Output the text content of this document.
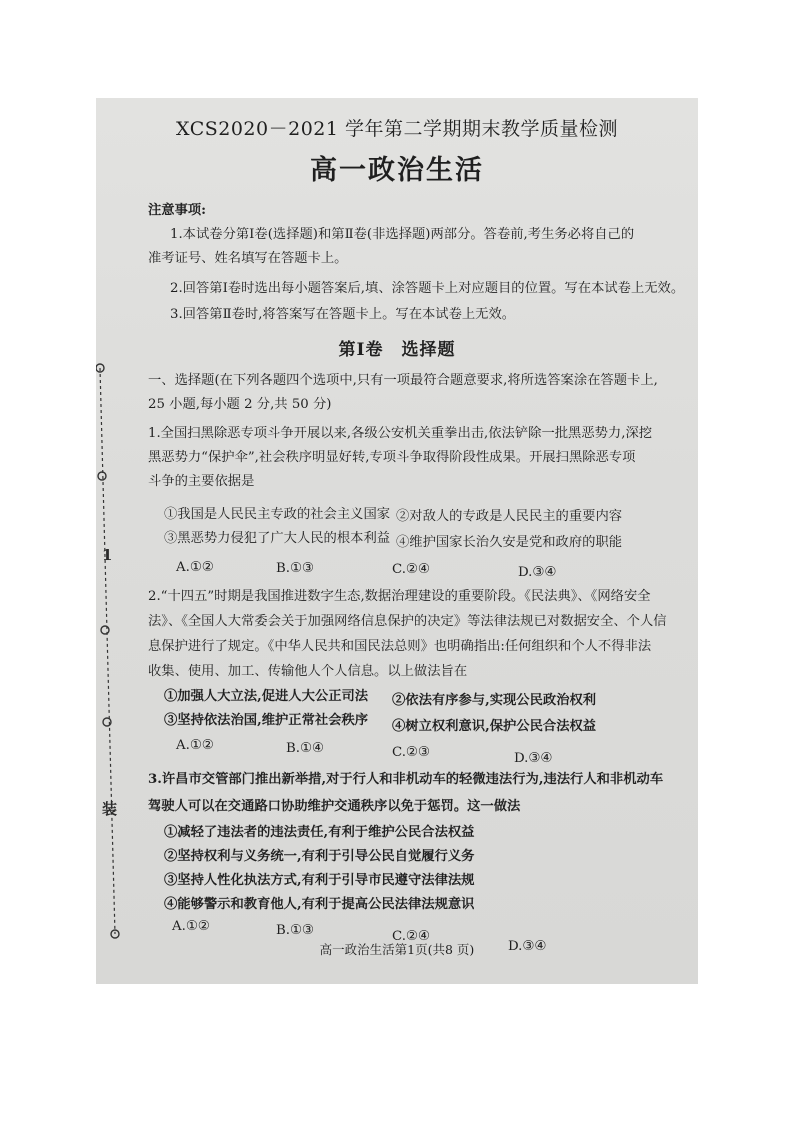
1
装
XCS2020－2021 学年第二学期期末教学质量检测
高一政治生活
注意事项:
1.本试卷分第Ⅰ卷(选择题)和第Ⅱ卷(非选择题)两部分。答卷前,考生务必将自己的
准考证号、姓名填写在答题卡上。
2.回答第Ⅰ卷时选出每小题答案后,填、涂答题卡上对应题目的位置。写在本试卷上无效。
3.回答第Ⅱ卷时,将答案写在答题卡上。写在本试卷上无效。
第Ⅰ卷　选择题
一、选择题(在下列各题四个选项中,只有一项最符合题意要求,将所选答案涂在答题卡上,
25 小题,每小题 2 分,共 50 分)
1.全国扫黑除恶专项斗争开展以来,各级公安机关重拳出击,依法铲除一批黑恶势力,深挖
黑恶势力“保护伞”,社会秩序明显好转,专项斗争取得阶段性成果。开展扫黑除恶专项
斗争的主要依据是
①我国是人民民主专政的社会主义国家 ②对敌人的专政是人民民主的重要内容
③黑恶势力侵犯了广大人民的根本利益 ④维护国家长治久安是党和政府的职能
A.①②	B.①③	C.②④	D.③④
2.“十四五”时期是我国推进数字生态,数据治理建设的重要阶段。《民法典》、《网络安全
法》、《全国人大常委会关于加强网络信息保护的决定》等法律法规已对数据安全、个人信
息保护进行了规定。《中华人民共和国民法总则》也明确指出:任何组织和个人不得非法
收集、使用、加工、传输他人个人信息。以上做法旨在
①加强人大立法,促进人大公正司法 ②依法有序参与,实现公民政治权利
③坚持依法治国,维护正常社会秩序 ④树立权利意识,保护公民合法权益
A.①②	B.①④	C.②③	D.③④
3.许昌市交管部门推出新举措,对于行人和非机动车的轻微违法行为,违法行人和非机动车
驾驶人可以在交通路口协助维护交通秩序以免于惩罚。这一做法
①减轻了违法者的违法责任,有利于维护公民合法权益
②坚持权利与义务统一,有利于引导公民自觉履行义务
③坚持人性化执法方式,有利于引导市民遵守法律法规
④能够警示和教育他人,有利于提高公民法律法规意识
A.①②	B.①③	C.②④
D.③④
高一政治生活第1页(共8 页)
